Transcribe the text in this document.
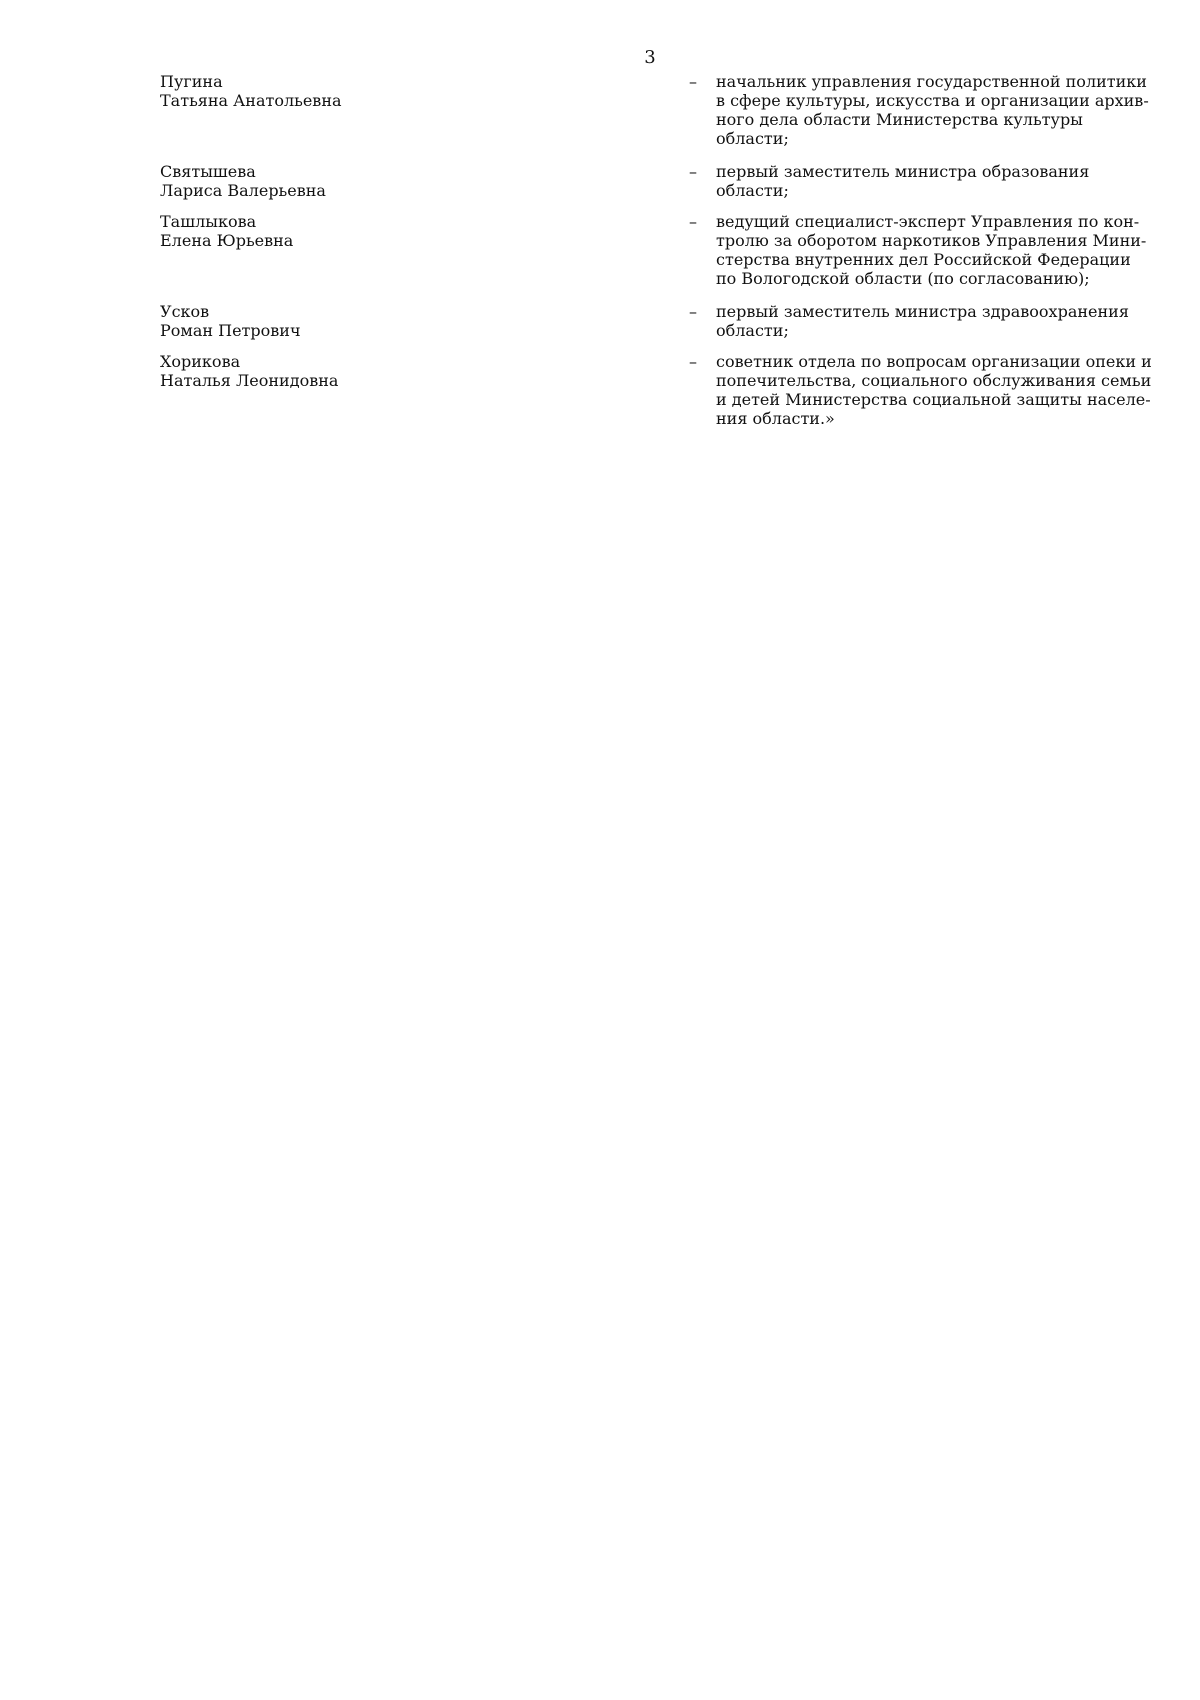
3
Пугина
Татьяна Анатольевна
–	начальник управления государственной политики
в сфере культуры, искусства и организации архив-
ного дела области Министерства культуры
области;
Святышева
Лариса Валерьевна
–	первый заместитель министра образования
области;
Ташлыкова
Елена Юрьевна
–	ведущий специалист-эксперт Управления по кон-
тролю за оборотом наркотиков Управления Мини-
стерства внутренних дел Российской Федерации
по Вологодской области (по согласованию);
Усков
Роман Петрович
–	первый заместитель министра здравоохранения
области;
Хорикова
Наталья Леонидовна
–	советник отдела по вопросам организации опеки и
попечительства, социального обслуживания семьи
и детей Министерства социальной защиты населе-
ния области.»
